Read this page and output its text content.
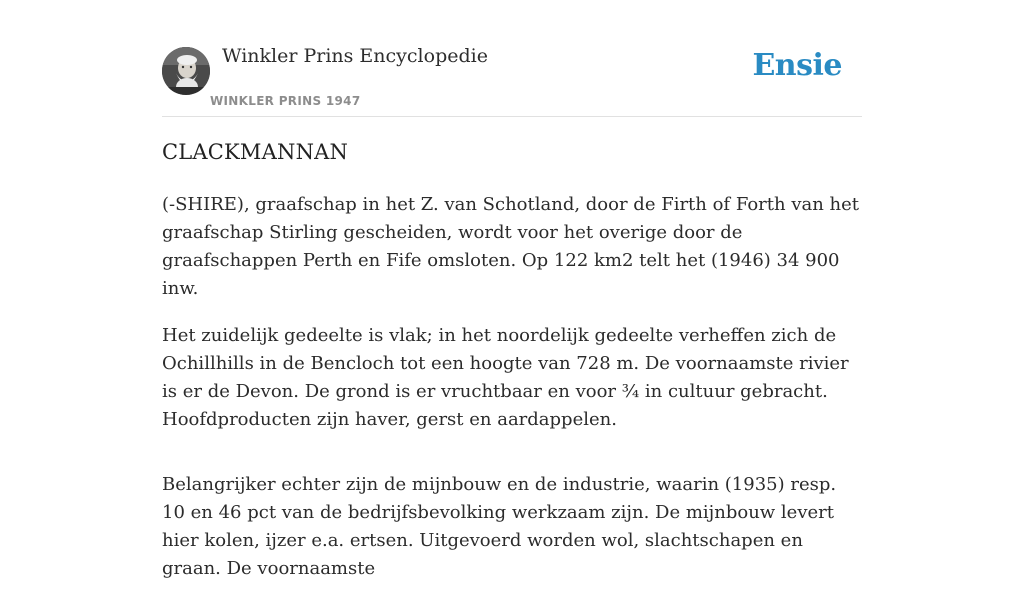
Winkler Prins Encyclopedie
WINKLER PRINS 1947
Ensie
CLACKMANNAN

(-SHIRE), graafschap in het Z. van Schotland, door de Firth of Forth van het graafschap Stirling gescheiden, wordt voor het overige door de graafschappen Perth en Fife omsloten. Op 122 km2 telt het (1946) 34 900 inw.

Het zuidelijk gedeelte is vlak; in het noordelijk gedeelte verheffen zich de Ochillhills in de Bencloch tot een hoogte van 728 m. De voornaamste rivier is er de Devon. De grond is er vruchtbaar en voor ¾ in cultuur gebracht. Hoofdproducten zijn haver, gerst en aardappelen.

Belangrijker echter zijn de mijnbouw en de industrie, waarin (1935) resp. 10 en 46 pct van de bedrijfsbevolking werkzaam zijn. De mijnbouw levert hier kolen, ijzer e.a. ertsen. Uitgevoerd worden wol, slachtschapen en graan. De voornaamste
